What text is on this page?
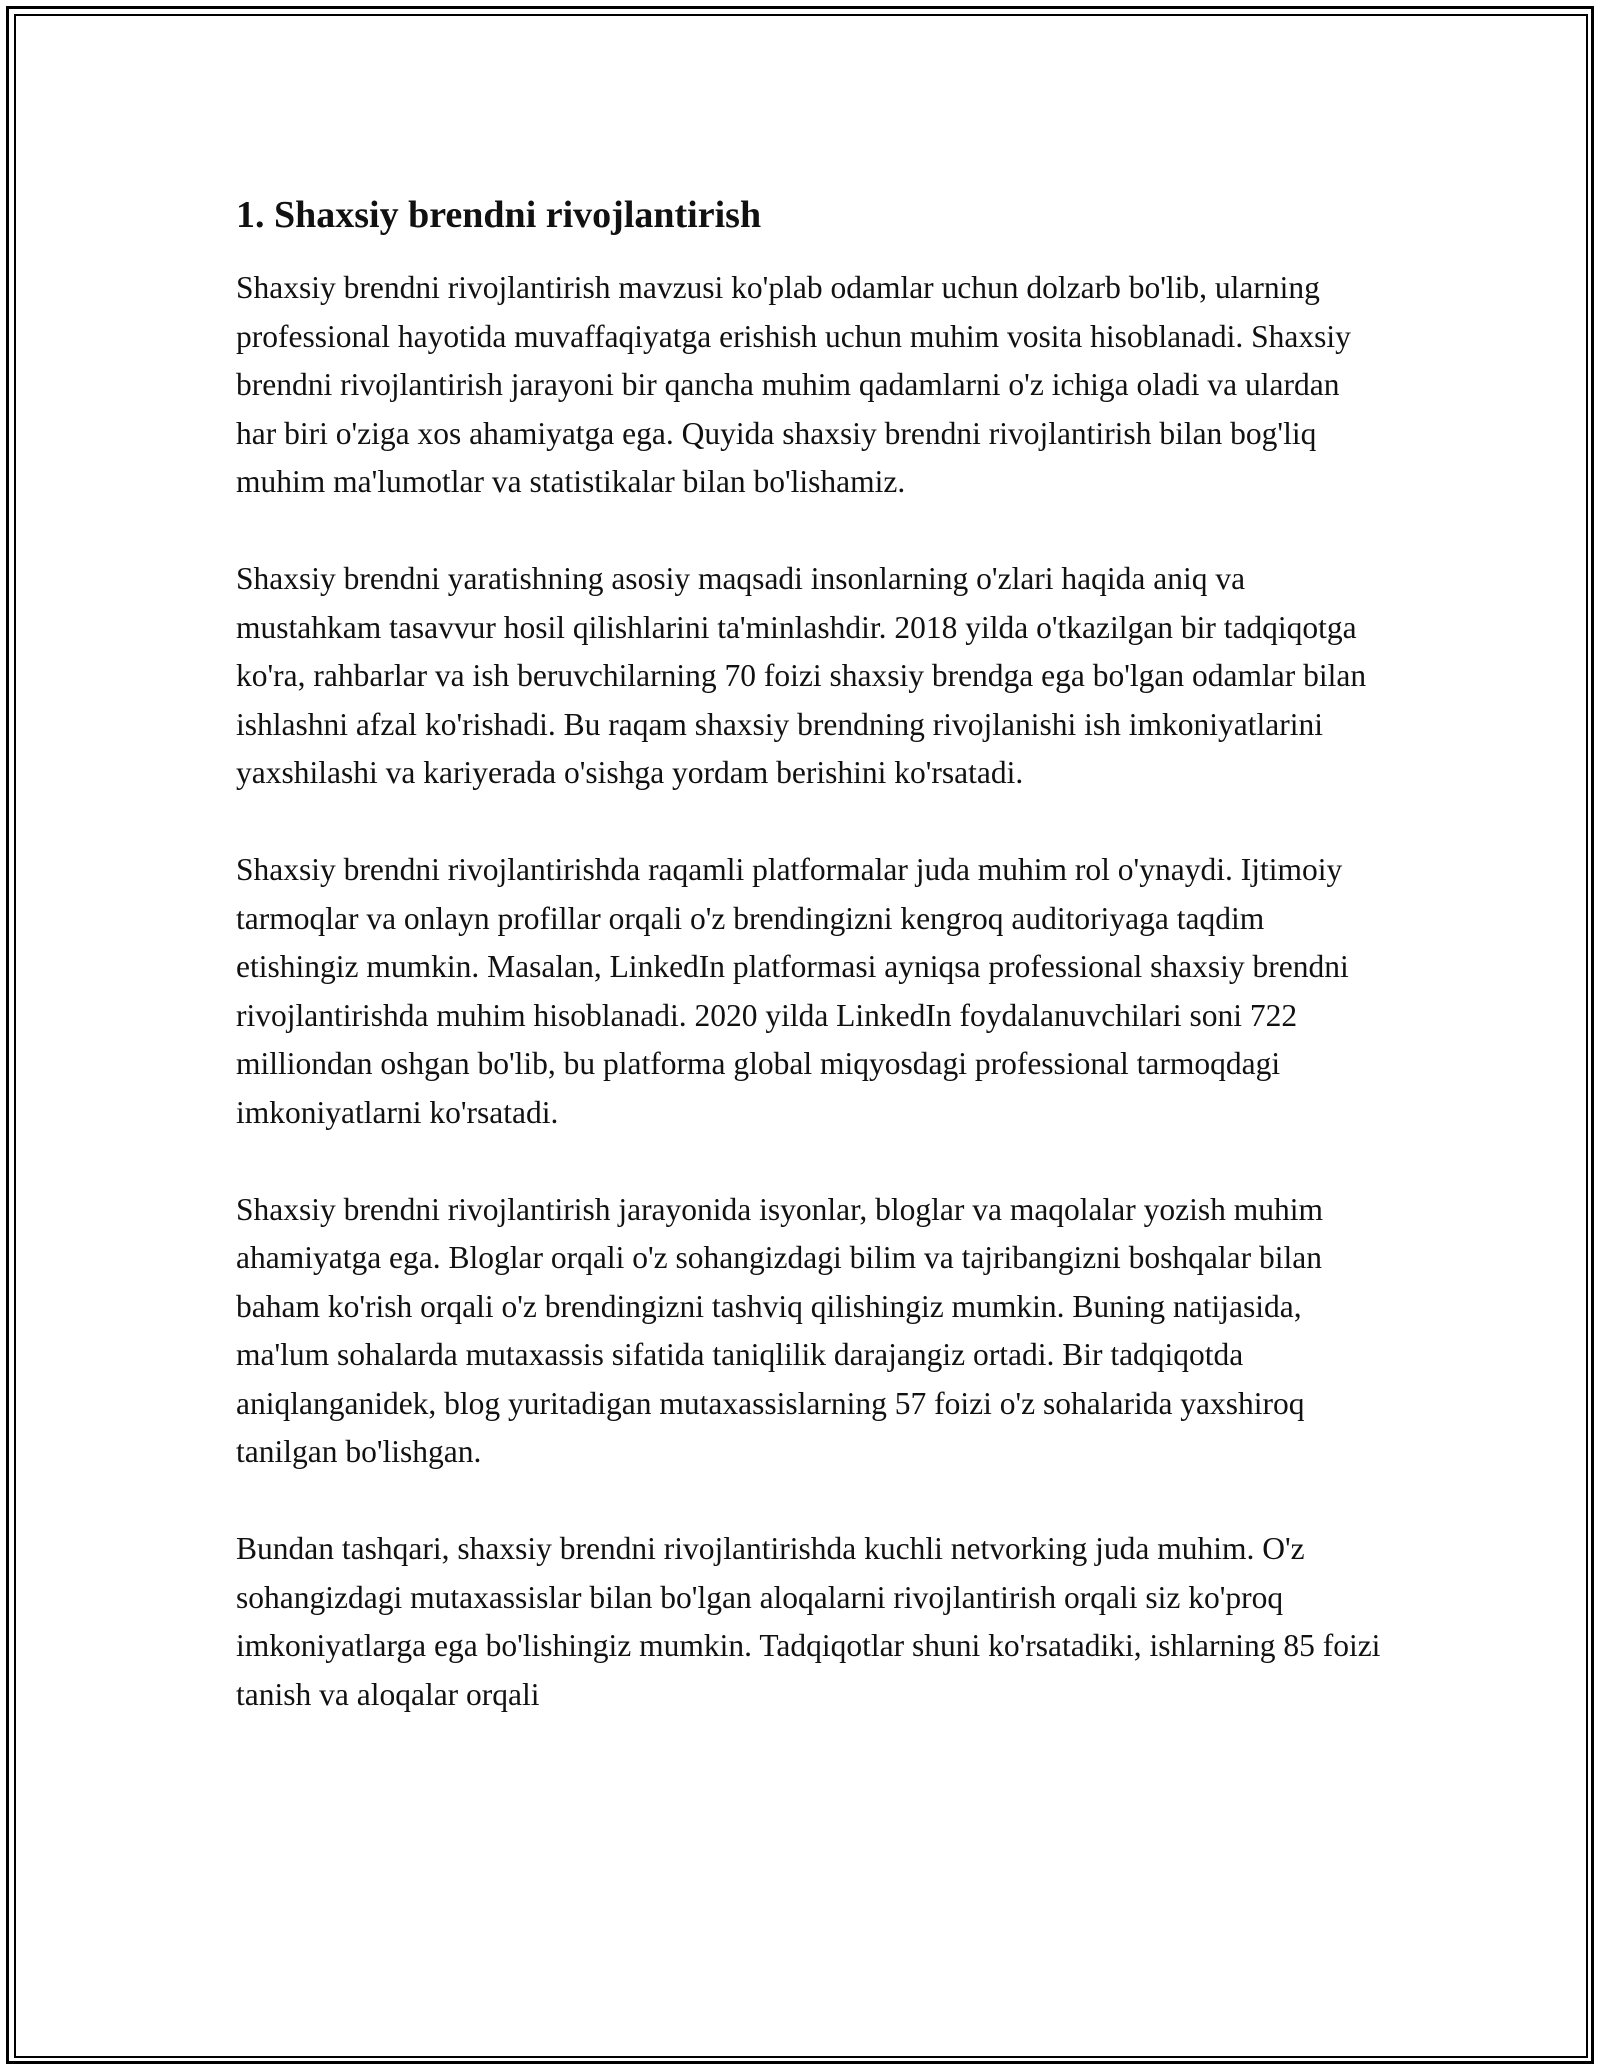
1. Shaxsiy brendni rivojlantirish

Shaxsiy brendni rivojlantirish mavzusi ko'plab odamlar uchun dolzarb bo'lib, ularning professional hayotida muvaffaqiyatga erishish uchun muhim vosita hisoblanadi. Shaxsiy brendni rivojlantirish jarayoni bir qancha muhim qadamlarni o'z ichiga oladi va ulardan har biri o'ziga xos ahamiyatga ega. Quyida shaxsiy brendni rivojlantirish bilan bog'liq muhim ma'lumotlar va statistikalar bilan bo'lishamiz.

Shaxsiy brendni yaratishning asosiy maqsadi insonlarning o'zlari haqida aniq va mustahkam tasavvur hosil qilishlarini ta'minlashdir. 2018 yilda o'tkazilgan bir tadqiqotga ko'ra, rahbarlar va ish beruvchilarning 70 foizi shaxsiy brendga ega bo'lgan odamlar bilan ishlashni afzal ko'rishadi. Bu raqam shaxsiy brendning rivojlanishi ish imkoniyatlarini yaxshilashi va kariyerada o'sishga yordam berishini ko'rsatadi.

Shaxsiy brendni rivojlantirishda raqamli platformalar juda muhim rol o'ynaydi. Ijtimoiy tarmoqlar va onlayn profillar orqali o'z brendingizni kengroq auditoriyaga taqdim etishingiz mumkin. Masalan, LinkedIn platformasi ayniqsa professional shaxsiy brendni rivojlantirishda muhim hisoblanadi. 2020 yilda LinkedIn foydalanuvchilari soni 722 milliondan oshgan bo'lib, bu platforma global miqyosdagi professional tarmoqdagi imkoniyatlarni ko'rsatadi.

Shaxsiy brendni rivojlantirish jarayonida isyonlar, bloglar va maqolalar yozish muhim ahamiyatga ega. Bloglar orqali o'z sohangizdagi bilim va tajribangizni boshqalar bilan baham ko'rish orqali o'z brendingizni tashviq qilishingiz mumkin. Buning natijasida, ma'lum sohalarda mutaxassis sifatida taniqlilik darajangiz ortadi. Bir tadqiqotda aniqlanganidek, blog yuritadigan mutaxassislarning 57 foizi o'z sohalarida yaxshiroq tanilgan bo'lishgan.

Bundan tashqari, shaxsiy brendni rivojlantirishda kuchli netvorking juda muhim. O'z sohangizdagi mutaxassislar bilan bo'lgan aloqalarni rivojlantirish orqali siz ko'proq imkoniyatlarga ega bo'lishingiz mumkin. Tadqiqotlar shuni ko'rsatadiki, ishlarning 85 foizi tanish va aloqalar orqali
